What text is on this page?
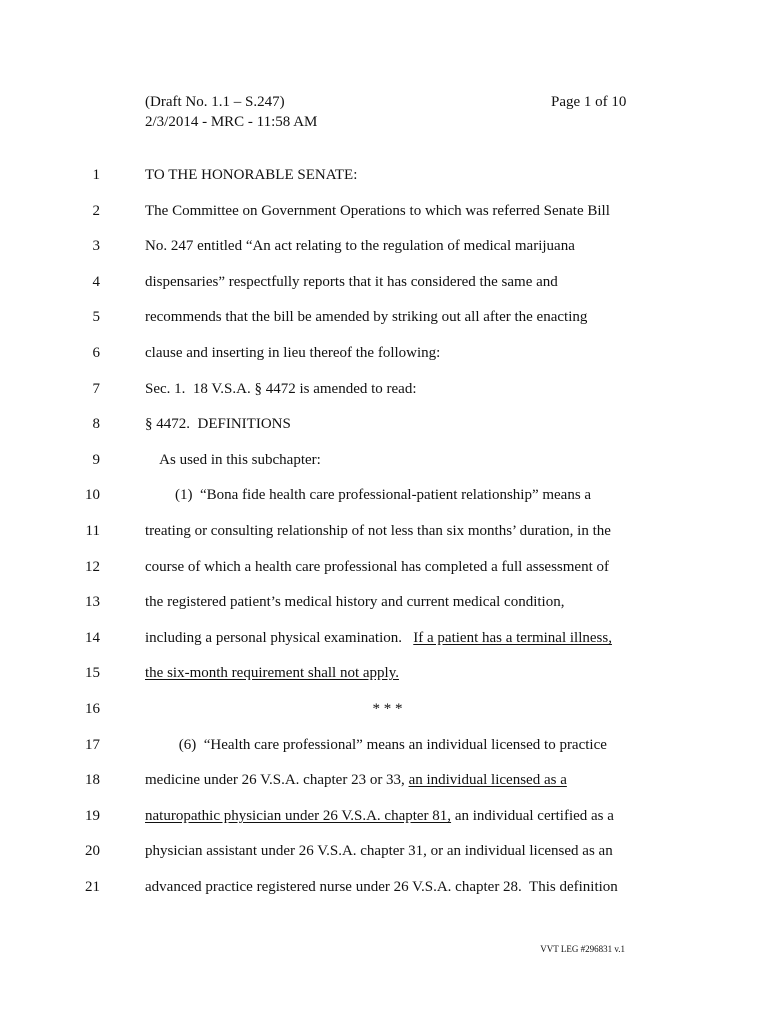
(Draft No. 1.1 – S.247)
2/3/2014 - MRC - 11:58 AM
Page 1 of 10
1	TO THE HONORABLE SENATE:
2	The Committee on Government Operations to which was referred Senate Bill
3	No. 247 entitled “An act relating to the regulation of medical marijuana
4	dispensaries” respectfully reports that it has considered the same and
5	recommends that the bill be amended by striking out all after the enacting
6	clause and inserting in lieu thereof the following:
7	Sec. 1.  18 V.S.A. § 4472 is amended to read:
8	§ 4472.  DEFINITIONS
9	As used in this subchapter:
10	(1)  “Bona fide health care professional-patient relationship” means a
11	treating or consulting relationship of not less than six months’ duration, in the
12	course of which a health care professional has completed a full assessment of
13	the registered patient’s medical history and current medical condition,
14	including a personal physical examination.   If a patient has a terminal illness,
15	the six-month requirement shall not apply.
16	* * *
17	(6)  “Health care professional” means an individual licensed to practice
18	medicine under 26 V.S.A. chapter 23 or 33, an individual licensed as a
19	naturopathic physician under 26 V.S.A. chapter 81, an individual certified as a
20	physician assistant under 26 V.S.A. chapter 31, or an individual licensed as an
21	advanced practice registered nurse under 26 V.S.A. chapter 28.  This definition
VVT LEG #296831 v.1
